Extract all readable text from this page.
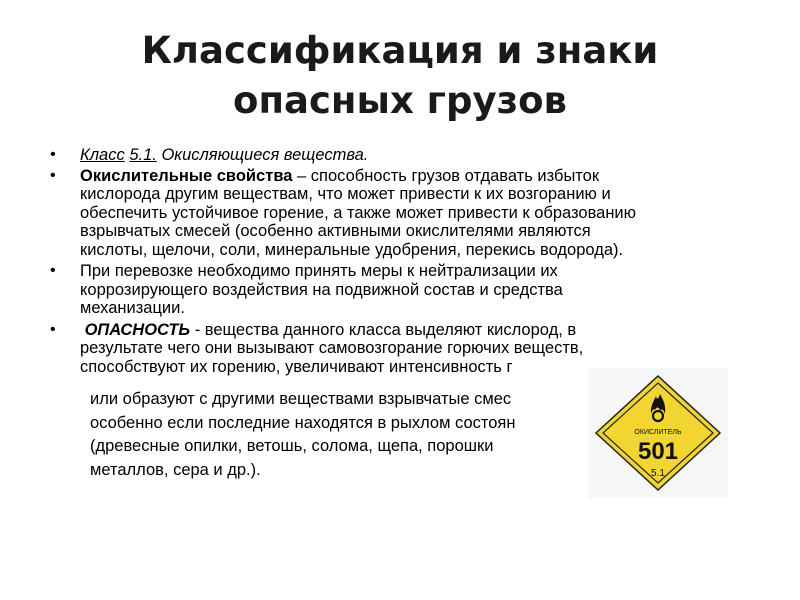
Классификация и знаки
опасных грузов
• Класс 5.1. Окисляющиеся вещества.
• Окислительные свойства – способность грузов отдавать избыток
кислорода другим веществам, что может привести к их возгоранию и
обеспечить устойчивое горение, а также может привести к образованию
взрывчатых смесей (особенно активными окислителями являются
кислоты, щелочи, соли, минеральные удобрения, перекись водорода).
• При перевозке необходимо принять меры к нейтрализации их
коррозирующего воздействия на подвижной состав и средства
механизации.
• ОПАСНОСТЬ - вещества данного класса выделяют кислород, в
результате чего они вызывают самовозгорание горючих веществ,
способствуют их горению, увеличивают интенсивность г
или образуют с другими веществами взрывчатые смес
особенно если последние находятся в рыхлом состоян
(древесные опилки, ветошь, солома, щепа, порошки
металлов, сера и др.).
ОКИСЛИТЕЛЬ
501
5.1
